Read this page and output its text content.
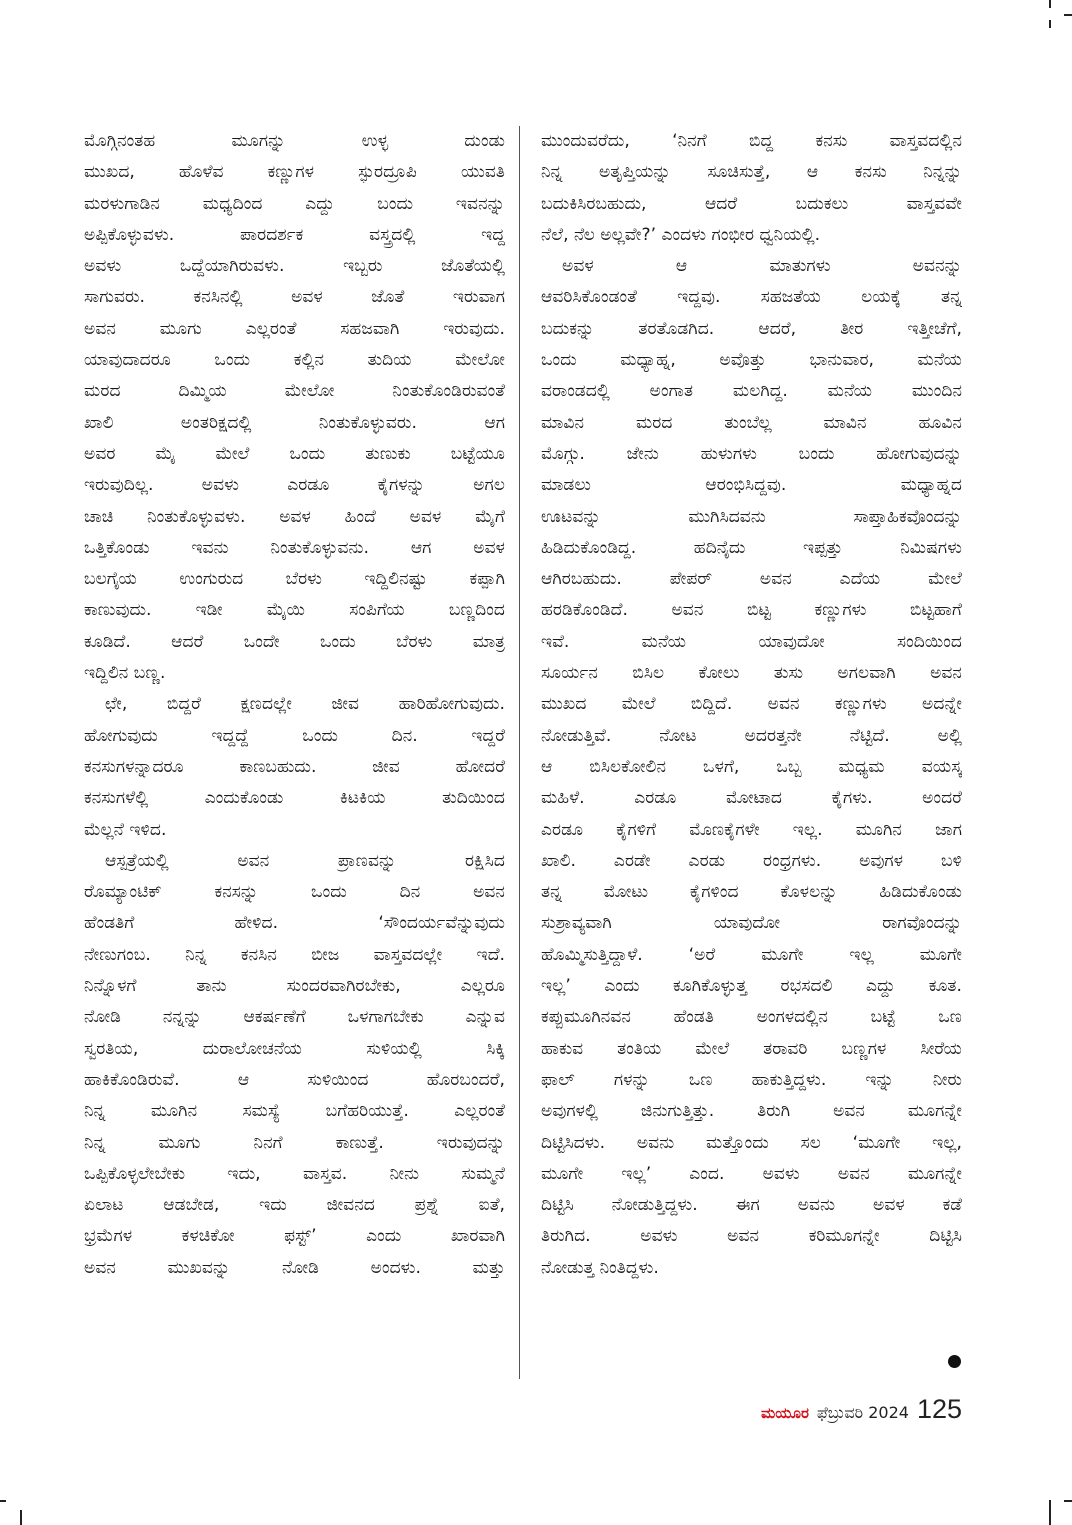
ಮೊಗ್ಗಿನಂತಹ ಮೂಗನ್ನು ಉಳ್ಳ ದುಂಡು
ಮುಖದ, ಹೊಳೆವ ಕಣ್ಣುಗಳ ಸ್ಫುರದ್ರೂಪಿ ಯುವತಿ
ಮರಳುಗಾಡಿನ ಮಧ್ಯದಿಂದ ಎದ್ದು ಬಂದು ಇವನನ್ನು
ಅಪ್ಪಿಕೊಳ್ಳುವಳು. ಪಾರದರ್ಶಕ ವಸ್ತ್ರದಲ್ಲಿ ಇದ್ದ
ಅವಳು ಒದ್ದೆಯಾಗಿರುವಳು. ಇಬ್ಬರು ಜೊತೆಯಲ್ಲಿ
ಸಾಗುವರು. ಕನಸಿನಲ್ಲಿ ಅವಳ ಜೊತೆ ಇರುವಾಗ
ಅವನ ಮೂಗು ಎಲ್ಲರಂತೆ ಸಹಜವಾಗಿ ಇರುವುದು.
ಯಾವುದಾದರೂ ಒಂದು ಕಲ್ಲಿನ ತುದಿಯ ಮೇಲೋ
ಮರದ ದಿಮ್ಮಿಯ ಮೇಲೋ ನಿಂತುಕೊಂಡಿರುವಂತೆ
ಖಾಲಿ ಅಂತರಿಕ್ಷದಲ್ಲಿ ನಿಂತುಕೊಳ್ಳುವರು. ಆಗ
ಅವರ ಮೈ ಮೇಲೆ ಒಂದು ತುಣುಕು ಬಟ್ಟೆಯೂ
ಇರುವುದಿಲ್ಲ. ಅವಳು ಎರಡೂ ಕೈಗಳನ್ನು ಅಗಲ
ಚಾಚಿ ನಿಂತುಕೊಳ್ಳುವಳು. ಅವಳ ಹಿಂದೆ ಅವಳ ಮೈಗೆ
ಒತ್ತಿಕೊಂಡು ಇವನು ನಿಂತುಕೊಳ್ಳುವನು. ಆಗ ಅವಳ
ಬಲಗೈಯ ಉಂಗುರುದ ಬೆರಳು ಇದ್ದಿಲಿನಷ್ಟು ಕಪ್ಪಾಗಿ
ಕಾಣುವುದು. ಇಡೀ ಮೈಯಿ ಸಂಪಿಗೆಯ ಬಣ್ಣದಿಂದ
ಕೂಡಿದೆ. ಆದರೆ ಒಂದೇ ಒಂದು ಬೆರಳು ಮಾತ್ರ
ಇದ್ದಿಲಿನ ಬಣ್ಣ.
ಛೇ, ಬಿದ್ದರೆ ಕ್ಷಣದಲ್ಲೇ ಜೀವ ಹಾರಿಹೋಗುವುದು.
ಹೋಗುವುದು ಇದ್ದದ್ದೆ ಒಂದು ದಿನ. ಇದ್ದರೆ
ಕನಸುಗಳನ್ನಾದರೂ ಕಾಣಬಹುದು. ಜೀವ ಹೋದರೆ
ಕನಸುಗಳೆಲ್ಲಿ ಎಂದುಕೊಂಡು ಕಿಟಕಿಯ ತುದಿಯಿಂದ
ಮೆಲ್ಲನೆ ಇಳಿದ.
ಆಸ್ಪತ್ರೆಯಲ್ಲಿ ಅವನ ಪ್ರಾಣವನ್ನು ರಕ್ಷಿಸಿದ
ರೊಮ್ಯಾಂಟಿಕ್ ಕನಸನ್ನು ಒಂದು ದಿನ ಅವನ
ಹೆಂಡತಿಗೆ ಹೇಳಿದ. ‘ಸೌಂದರ್ಯವೆನ್ನುವುದು
ನೇಣುಗಂಬ. ನಿನ್ನ ಕನಸಿನ ಬೀಜ ವಾಸ್ತವದಲ್ಲೇ ಇದೆ.
ನಿನ್ನೊಳಗೆ ತಾನು ಸುಂದರವಾಗಿರಬೇಕು, ಎಲ್ಲರೂ
ನೋಡಿ ನನ್ನನ್ನು ಆಕರ್ಷಣೆಗೆ ಒಳಗಾಗಬೇಕು ಎನ್ನುವ
ಸ್ವರತಿಯ, ದುರಾಲೋಚನೆಯ ಸುಳಿಯಲ್ಲಿ ಸಿಕ್ಕಿ
ಹಾಕಿಕೊಂಡಿರುವೆ. ಆ ಸುಳಿಯಿಂದ ಹೊರಬಂದರೆ,
ನಿನ್ನ ಮೂಗಿನ ಸಮಸ್ಯೆ ಬಗೆಹರಿಯುತ್ತೆ. ಎಲ್ಲರಂತೆ
ನಿನ್ನ ಮೂಗು ನಿನಗೆ ಕಾಣುತ್ತೆ. ಇರುವುದನ್ನು
ಒಪ್ಪಿಕೊಳ್ಳಲೇಬೇಕು ಇದು, ವಾಸ್ತವ. ನೀನು ಸುಮ್ಮನೆ
ಏಲಾಟ ಆಡಬೇಡ, ಇದು ಜೀವನದ ಪ್ರಶ್ನೆ ಐತೆ,
ಭ್ರಮೆಗಳ ಕಳಚಿಕೋ ಫಸ್ಟ್’ ಎಂದು ಖಾರವಾಗಿ
ಅವನ ಮುಖವನ್ನು ನೋಡಿ ಅಂದಳು. ಮತ್ತು
ಮುಂದುವರೆದು, ‘ನಿನಗೆ ಬಿದ್ದ ಕನಸು ವಾಸ್ತವದಲ್ಲಿನ
ನಿನ್ನ ಅತೃಪ್ತಿಯನ್ನು ಸೂಚಿಸುತ್ತೆ, ಆ ಕನಸು ನಿನ್ನನ್ನು
ಬದುಕಿಸಿರಬಹುದು, ಆದರೆ ಬದುಕಲು ವಾಸ್ತವವೇ
ನೆಲೆ, ನೆಲ ಅಲ್ಲವೇ?’ ಎಂದಳು ಗಂಭೀರ ಧ್ವನಿಯಲ್ಲಿ.
ಅವಳ ಆ ಮಾತುಗಳು ಅವನನ್ನು
ಆವರಿಸಿಕೊಂಡಂತೆ ಇದ್ದವು. ಸಹಜತೆಯ ಲಯಕ್ಕೆ ತನ್ನ
ಬದುಕನ್ನು ತರತೊಡಗಿದ. ಆದರೆ, ತೀರ ಇತ್ತೀಚೆಗೆ,
ಒಂದು ಮಧ್ಯಾಹ್ನ, ಅವೊತ್ತು ಭಾನುವಾರ, ಮನೆಯ
ವರಾಂಡದಲ್ಲಿ ಅಂಗಾತ ಮಲಗಿದ್ದ. ಮನೆಯ ಮುಂದಿನ
ಮಾವಿನ ಮರದ ತುಂಬೆಲ್ಲ ಮಾವಿನ ಹೂವಿನ
ಮೊಗ್ಗು. ಜೇನು ಹುಳುಗಳು ಬಂದು ಹೋಗುವುದನ್ನು
ಮಾಡಲು ಆರಂಭಿಸಿದ್ದವು. ಮಧ್ಯಾಹ್ನದ
ಊಟವನ್ನು ಮುಗಿಸಿದವನು ಸಾಪ್ತಾಹಿಕವೊಂದನ್ನು
ಹಿಡಿದುಕೊಂಡಿದ್ದ. ಹದಿನೈದು ಇಪ್ಪತ್ತು ನಿಮಿಷಗಳು
ಆಗಿರಬಹುದು. ಪೇಪರ್ ಅವನ ಎದೆಯ ಮೇಲೆ
ಹರಡಿಕೊಂಡಿದೆ. ಅವನ ಬಿಟ್ಟ ಕಣ್ಣುಗಳು ಬಿಟ್ಟಹಾಗೆ
ಇವೆ. ಮನೆಯ ಯಾವುದೋ ಸಂದಿಯಿಂದ
ಸೂರ್ಯನ ಬಿಸಿಲ ಕೋಲು ತುಸು ಅಗಲವಾಗಿ ಅವನ
ಮುಖದ ಮೇಲೆ ಬಿದ್ದಿದೆ. ಅವನ ಕಣ್ಣುಗಳು ಅದನ್ನೇ
ನೋಡುತ್ತಿವೆ. ನೋಟ ಅದರತ್ತನೇ ನೆಟ್ಟಿದೆ. ಅಲ್ಲಿ
ಆ ಬಿಸಿಲಕೋಲಿನ ಒಳಗೆ, ಒಬ್ಬ ಮಧ್ಯಮ ವಯಸ್ಕ
ಮಹಿಳೆ. ಎರಡೂ ಮೋಟಾದ ಕೈಗಳು. ಅಂದರೆ
ಎರಡೂ ಕೈಗಳಿಗೆ ಮೊಣಕೈಗಳೇ ಇಲ್ಲ. ಮೂಗಿನ ಜಾಗ
ಖಾಲಿ. ಎರಡೇ ಎರಡು ರಂಧ್ರಗಳು. ಅವುಗಳ ಬಳಿ
ತನ್ನ ಮೋಟು ಕೈಗಳಿಂದ ಕೊಳಲನ್ನು ಹಿಡಿದುಕೊಂಡು
ಸುಶ್ರಾವ್ಯವಾಗಿ ಯಾವುದೋ ರಾಗವೊಂದನ್ನು
ಹೊಮ್ಮಿಸುತ್ತಿದ್ದಾಳೆ. ‘ಅರೆ ಮೂಗೇ ಇಲ್ಲ ಮೂಗೇ
ಇಲ್ಲ’ ಎಂದು ಕೂಗಿಕೊಳ್ಳುತ್ತ ರಭಸದಲಿ ಎದ್ದು ಕೂತ.
ಕಪ್ಪುಮೂಗಿನವನ ಹೆಂಡತಿ ಅಂಗಳದಲ್ಲಿನ ಬಟ್ಟೆ ಒಣ
ಹಾಕುವ ತಂತಿಯ ಮೇಲೆ ತರಾವರಿ ಬಣ್ಣಗಳ ಸೀರೆಯ
ಫಾಲ್ ಗಳನ್ನು ಒಣ ಹಾಕುತ್ತಿದ್ದಳು. ಇನ್ನು ನೀರು
ಅವುಗಳಲ್ಲಿ ಜಿನುಗುತ್ತಿತ್ತು. ತಿರುಗಿ ಅವನ ಮೂಗನ್ನೇ
ದಿಟ್ಟಿಸಿದಳು. ಅವನು ಮತ್ತೊಂದು ಸಲ ‘ಮೂಗೇ ಇಲ್ಲ,
ಮೂಗೇ ಇಲ್ಲ’ ಎಂದ. ಅವಳು ಅವನ ಮೂಗನ್ನೇ
ದಿಟ್ಟಿಸಿ ನೋಡುತ್ತಿದ್ದಳು. ಈಗ ಅವನು ಅವಳ ಕಡೆ
ತಿರುಗಿದ. ಅವಳು ಅವನ ಕರಿಮೂಗನ್ನೇ ದಿಟ್ಟಿಸಿ
ನೋಡುತ್ತ ನಿಂತಿದ್ದಳು.
ಮಯೂರ ಫೆಬ್ರುವರಿ 2024 125
